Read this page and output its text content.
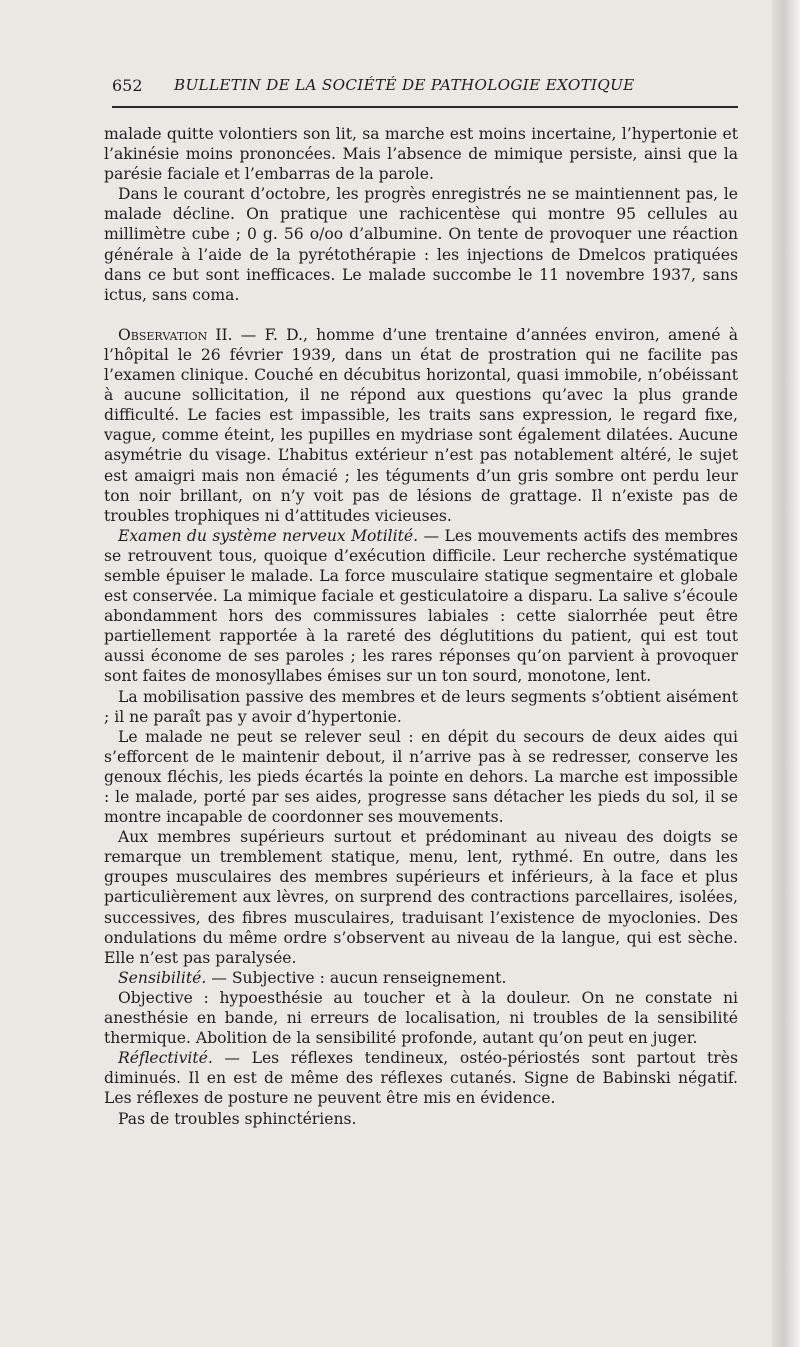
652 BULLETIN DE LA SOCIÉTÉ DE PATHOLOGIE EXOTIQUE

malade quitte volontiers son lit, sa marche est moins incertaine, l’hypertonie et l’akinésie moins prononcées. Mais l’absence de mimique persiste, ainsi que la parésie faciale et l’embarras de la parole.

Dans le courant d’octobre, les progrès enregistrés ne se maintiennent pas, le malade décline. On pratique une rachicentèse qui montre 95 cellules au millimètre cube ; 0 g. 56 o/oo d’albumine. On tente de provoquer une réaction générale à l’aide de la pyrétothérapie : les injections de Dmelcos pratiquées dans ce but sont inefficaces. Le malade succombe le 11 novembre 1937, sans ictus, sans coma.

Observation II. — F. D., homme d’une trentaine d’années environ, amené à l’hôpital le 26 février 1939, dans un état de prostration qui ne facilite pas l’examen clinique. Couché en décubitus horizontal, quasi immobile, n’obéissant à aucune sollicitation, il ne répond aux questions qu’avec la plus grande difficulté. Le facies est impassible, les traits sans expression, le regard fixe, vague, comme éteint, les pupilles en mydriase sont également dilatées. Aucune asymétrie du visage. L’habitus extérieur n’est pas notablement altéré, le sujet est amaigri mais non émacié ; les téguments d’un gris sombre ont perdu leur ton noir brillant, on n’y voit pas de lésions de grattage. Il n’existe pas de troubles trophiques ni d’attitudes vicieuses.

Examen du système nerveux Motilité. — Les mouvements actifs des membres se retrouvent tous, quoique d’exécution difficile. Leur recherche systématique semble épuiser le malade. La force musculaire statique segmentaire et globale est conservée. La mimique faciale et gesticulatoire a disparu. La salive s’écoule abondamment hors des commissures labiales : cette sialorrhée peut être partiellement rapportée à la rareté des déglutitions du patient, qui est tout aussi économe de ses paroles ; les rares réponses qu’on parvient à provoquer sont faites de monosyllabes émises sur un ton sourd, monotone, lent.

La mobilisation passive des membres et de leurs segments s’obtient aisément ; il ne paraît pas y avoir d’hypertonie.

Le malade ne peut se relever seul : en dépit du secours de deux aides qui s’efforcent de le maintenir debout, il n’arrive pas à se redresser, conserve les genoux fléchis, les pieds écartés la pointe en dehors. La marche est impossible : le malade, porté par ses aides, progresse sans détacher les pieds du sol, il se montre incapable de coordonner ses mouvements.

Aux membres supérieurs surtout et prédominant au niveau des doigts se remarque un tremblement statique, menu, lent, rythmé. En outre, dans les groupes musculaires des membres supérieurs et inférieurs, à la face et plus particulièrement aux lèvres, on surprend des contractions parcellaires, isolées, successives, des fibres musculaires, traduisant l’existence de myoclonies. Des ondulations du même ordre s’observent au niveau de la langue, qui est sèche. Elle n’est pas paralysée.

Sensibilité. — Subjective : aucun renseignement.

Objective : hypoesthésie au toucher et à la douleur. On ne constate ni anesthésie en bande, ni erreurs de localisation, ni troubles de la sensibilité thermique. Abolition de la sensibilité profonde, autant qu’on peut en juger.

Réflectivité. — Les réflexes tendineux, ostéo-périostés sont partout très diminués. Il en est de même des réflexes cutanés. Signe de Babinski négatif. Les réflexes de posture ne peuvent être mis en évidence.

Pas de troubles sphinctériens.
